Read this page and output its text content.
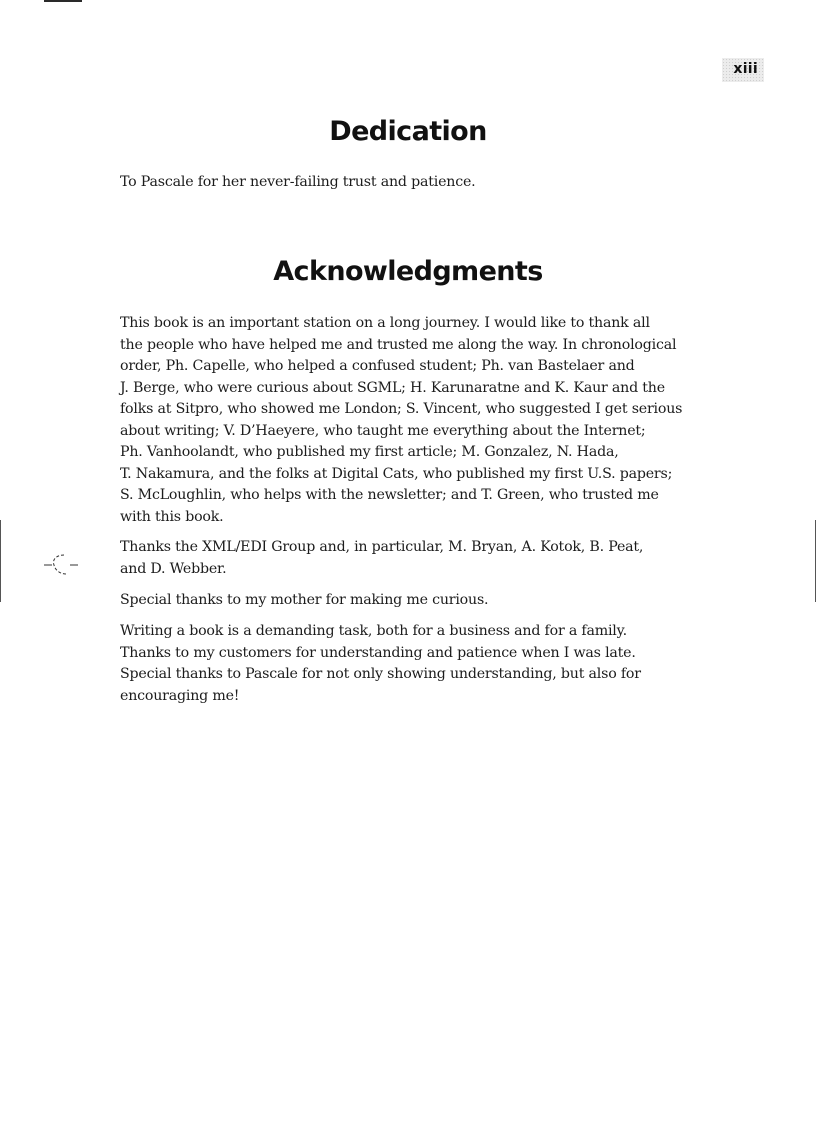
xiii
Dedication

To Pascale for her never-failing trust and patience.

Acknowledgments

This book is an important station on a long journey. I would like to thank all
the people who have helped me and trusted me along the way. In chronological
order, Ph. Capelle, who helped a confused student; Ph. van Bastelaer and
J. Berge, who were curious about SGML; H. Karunaratne and K. Kaur and the
folks at Sitpro, who showed me London; S. Vincent, who suggested I get serious
about writing; V. D’Haeyere, who taught me everything about the Internet;
Ph. Vanhoolandt, who published my first article; M. Gonzalez, N. Hada,
T. Nakamura, and the folks at Digital Cats, who published my first U.S. papers;
S. McLoughlin, who helps with the newsletter; and T. Green, who trusted me
with this book.

Thanks the XML/EDI Group and, in particular, M. Bryan, A. Kotok, B. Peat,
and D. Webber.

Special thanks to my mother for making me curious.

Writing a book is a demanding task, both for a business and for a family.
Thanks to my customers for understanding and patience when I was late.
Special thanks to Pascale for not only showing understanding, but also for
encouraging me!
